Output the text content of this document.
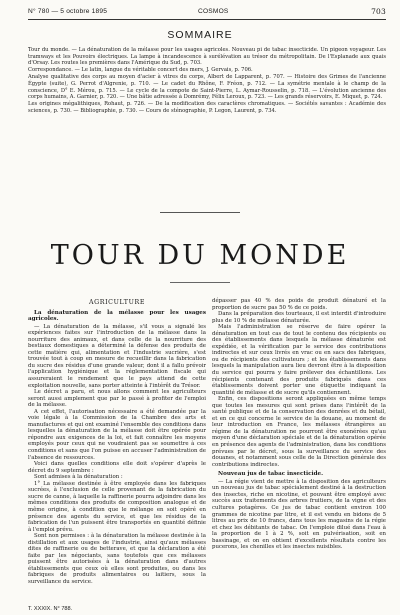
N° 780 — 5 octobre 1895	COSMOS	703
SOMMAIRE

Tour du monde. — La dénaturation de la mélasse pour les usages agricoles. Nouveau pi de tabac insecticide. Un pigeon voyageur. Les tramways et les Pouvoirs électriques. La lampe à incandescence à surélévation au trésor du métropolitain. De l'Esplanade aux quais d'Orsay. Les routes les premières dans l'Amérique du Sud, p. 703.

Correspondance. — Le latin, langue du véritable concert des mers, J. Gervais, p. 706.

Analyse qualitative des corps au moyen d'acier à vitres du corps, Albert de Lapparent, p. 707. — Histoire des Grimes de l'ancienne Égypte (suite), G. Perrot d'Algrenie, p. 710. — Le cadet du Rhône, F. Fréon, p. 712. — La symétrie mentale à le champ de la conscience, D° E. Mérou, p. 715. — Le cycle de la compote de Saint-Pierre, L. Aymar-Rousselin, p. 718. — L'évolution ancienne des corps humains, A. Garnier, p. 720. — Une bâtie adressée à Domrémy, Félix Leroux, p. 723. — Les grands réservoirs, E. Miquet, p. 724.

Les origines mégalithiques, Rohaut, p. 726. — De la modification des caractères chromatiques. — Sociétés savantes : Académie des sciences, p. 730. — Bibliographie, p. 730. — Cours de sténographie, P. Legon, Laurent, p. 734.

TOUR DU MONDE
AGRICULTURE
La dénaturation de la mélasse pour les usages agricoles.

— La dénaturation de la mélasse, s'il vous a signalé les expériences faites sur l'introduction de la mélasse dans la nourriture des animaux, et dans celle de la nourriture des bestiaux domestiques a déterminé la défense des produits de cette matière qui, alimentation et l'industrie sucrière, s'est trouvée tout à coup en mesure de recueillir dans la fabrication du sucre des résidus d'une grande valeur, dont il a fallu prévoir l'application hygiénique et la réglementation fiscale qui assureraient le rendement que le pays attend de cette exploitation nouvelle, sans porter atteinte à l'intérêt du Trésor.

Le décret a paru, et nous allons comment les agriculteurs seront aussi amplement que par le passé à profiter de l'emploi de la mélasse.

A cet effet, l'autorisation nécessaire a été demandée par la voie légale à la Commission de la Chambre des arts et manufactures et qui ont examiné l'ensemble des conditions dans lesquelles la dénaturation de la mélasse doit être opérée pour répondre aux exigences de la loi, et fait connaître les moyens employés pour ceux qui ne voudraient pas se soumettre à ces conditions et sans que l'on puisse en accuser l'administration de l'absence de ressources.

Voici dans quelles conditions elle doit s'opérer d'après le décret du 9 septembre :

Sont admises à la dénaturation :

1° La mélasse destinée à être employée dans les fabriques sucrées, à l'exclusion de celle provenant de la fabrication du sucre de canne, à laquelle la raffinerie pourra adjoindre dans les mêmes conditions des produits de composition analogue et de même origine, à condition que le mélange en soit opéré en présence des agents du service, et que les résidus de la fabrication de l'un puissent être transportés en quantité définie à l'emploi prévu.

Sont non permises : à la dénaturation la mélasse destinée à la distillation et aux usages de l'industrie, ainsi qu'aux mélasses dites de raffinerie ou de betterave, et que la déclaration a été faite par les négociants, sans toutefois que ces mélasses puissent être autorisées à la dénaturation dans d'autres établissements que ceux où elles sont produites, ou dans les fabriques de produits alimentaires ou laitiers, sous la surveillance du service.

dépasser pas 40 % des poids de produit dénaturé et la proportion de sucre pas 50 % de ce poids.

Dans la préparation des tourteaux, il est interdit d'introduire plus de 10 % de mélasse dénaturée.

Mais l'administration se réserve de faire opérer la dénaturation en tout cas de tout le contenu des récipients ou des établissements dans lesquels la mélasse dénaturée est expédiée, et la vérification par le service des contributions indirectes et sur ceux livrés en vrac ou en sacs des fabriques, ou de récipients des cultivateurs ; et les établissements dans lesquels la manipulation aura lieu devront être à la disposition du service qui pourra y faire prélever des échantillons. Les récipients contenant des produits fabriqués dans ces établissements doivent porter une étiquette indiquant la quantité de mélasse et de sucre qu'ils contiennent.

Enfin, ces dispositions seront appliquées en même temps que toutes les mesures qui sont prises dans l'intérêt de la santé publique et de la conservation des denrées et du bétail, et en ce qui concerne le service de la douane, au moment de leur introduction en France, les mélasses étrangères au régime de la dénaturation ne pourront être exonérées qu'au moyen d'une déclaration spéciale et de la dénaturation opérée en présence des agents de l'administration, dans les conditions prévues par le décret, sous la surveillance du service des douanes, et notamment sous celle de la Direction générale des contributions indirectes.

Nouveau jus de tabac insecticide.

— La régie vient de mettre à la disposition des agriculteurs un nouveau jus de tabac spécialement destiné à la destruction des insectes, riche en nicotine, et pouvant être employé avec succès aux traitements des arbres fruitiers, de la vigne et des cultures potagères. Ce jus de tabac contient environ 100 grammes de nicotine par litre, et il est vendu en bidons de 5 litres au prix de 10 francs, dans tous les magasins de la régie et chez les débitants de tabac. On l'emploie dilué dans l'eau à la proportion de 1 à 2 %, soit en pulvérisation, soit en bassinage, et on en obtient d'excellents résultats contre les pucerons, les chenilles et les insectes nuisibles.

T. XXXIX. N° 788.
